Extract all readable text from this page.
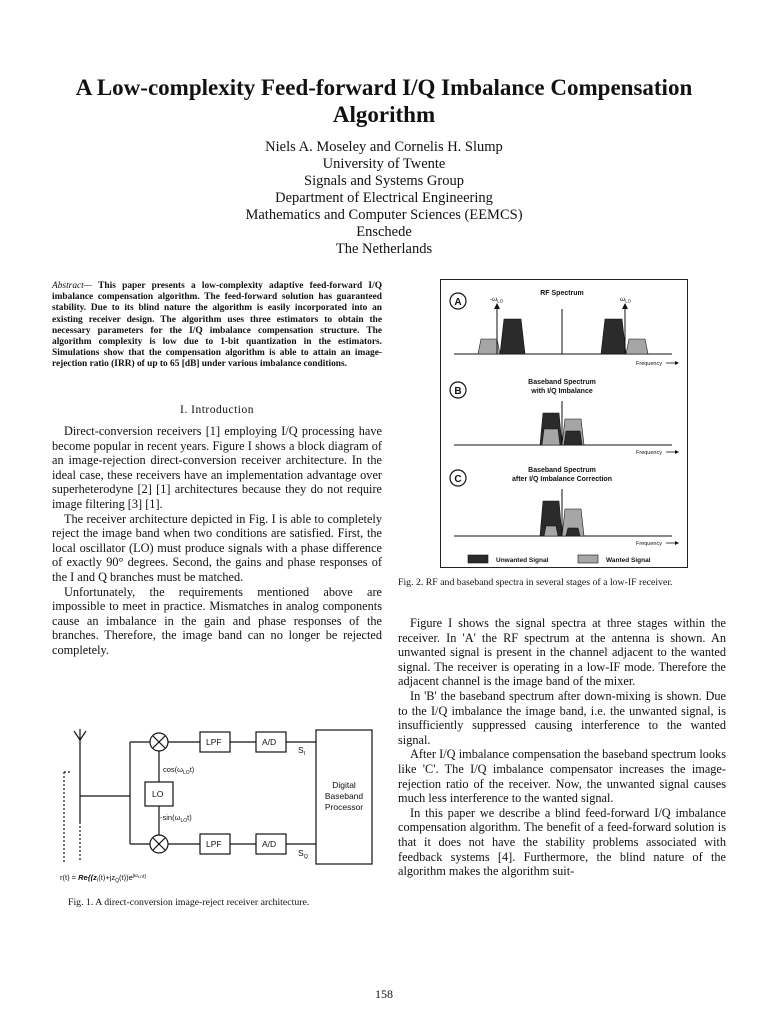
A Low-complexity Feed-forward I/Q Imbalance Compensation Algorithm
Niels A. Moseley and Cornelis H. Slump
University of Twente
Signals and Systems Group
Department of Electrical Engineering
Mathematics and Computer Sciences (EEMCS)
Enschede
The Netherlands
Abstract— This paper presents a low-complexity adaptive feed-forward I/Q imbalance compensation algorithm. The feed-forward solution has guaranteed stability. Due to its blind nature the algorithm is easily incorporated into an existing receiver design. The algorithm uses three estimators to obtain the necessary parameters for the I/Q imbalance compensation structure. The algorithm complexity is low due to 1-bit quantization in the estimators. Simulations show that the compensation algorithm is able to attain an image-rejection ratio (IRR) of up to 65 [dB] under various imbalance conditions.
I. Introduction

Direct-conversion receivers [1] employing I/Q processing have become popular in recent years. Figure I shows a block diagram of an image-rejection direct-conversion receiver architecture. In the ideal case, these receivers have an implementation advantage over superheterodyne [2] [1] architectures because they do not require image filtering [3] [1].

The receiver architecture depicted in Fig. I is able to completely reject the image band when two conditions are satisfied. First, the local oscillator (LO) must produce signals with a phase difference of exactly 90° degrees. Second, the gains and phase responses of the I and Q branches must be matched.

Unfortunately, the requirements mentioned above are impossible to meet in practice. Mismatches in analog components cause an imbalance in the gain and phase responses of the branches. Therefore, the image band can no longer be rejected completely.

LPF	A/D
$S_I$
$\cos(\omega_{LO}t)$
LO
$-\sin(\omega_{LO}t)$
LPF	A/D
$S_Q$
Digital
Baseband
Processor
$r(t) = Re\{(z_I(t)+jz_Q(t))e^{j\omega}LOt\}$
Fig. 1. A direct-conversion image-reject receiver architecture.
RF Spectrum
Baseband Spectrum
with I/Q Imbalance
Baseband Spectrum
after I/Q Imbalance Correction
A
B
C
$-\omega_{LO}$	$\omega_{LO}$
Frequency
Frequency
Frequency
Unwanted Signal	Wanted Signal
Fig. 2. RF and baseband spectra in several stages of a low-IF receiver.

Figure I shows the signal spectra at three stages within the receiver. In 'A' the RF spectrum at the antenna is shown. An unwanted signal is present in the channel adjacent to the wanted signal. The receiver is operating in a low-IF mode. Therefore the adjacent channel is the image band of the mixer.

In 'B' the baseband spectrum after down-mixing is shown. Due to the I/Q imbalance the image band, i.e. the unwanted signal, is insufficiently suppressed causing interference to the wanted signal.

After I/Q imbalance compensation the baseband spectrum looks like 'C'. The I/Q imbalance compensator increases the image-rejection ratio of the receiver. Now, the unwanted signal causes much less interference to the wanted signal.

In this paper we describe a blind feed-forward I/Q imbalance compensation algorithm. The benefit of a feed-forward solution is that it does not have the stability problems associated with feedback systems [4]. Furthermore, the blind nature of the algorithm makes the algorithm suit-

158
